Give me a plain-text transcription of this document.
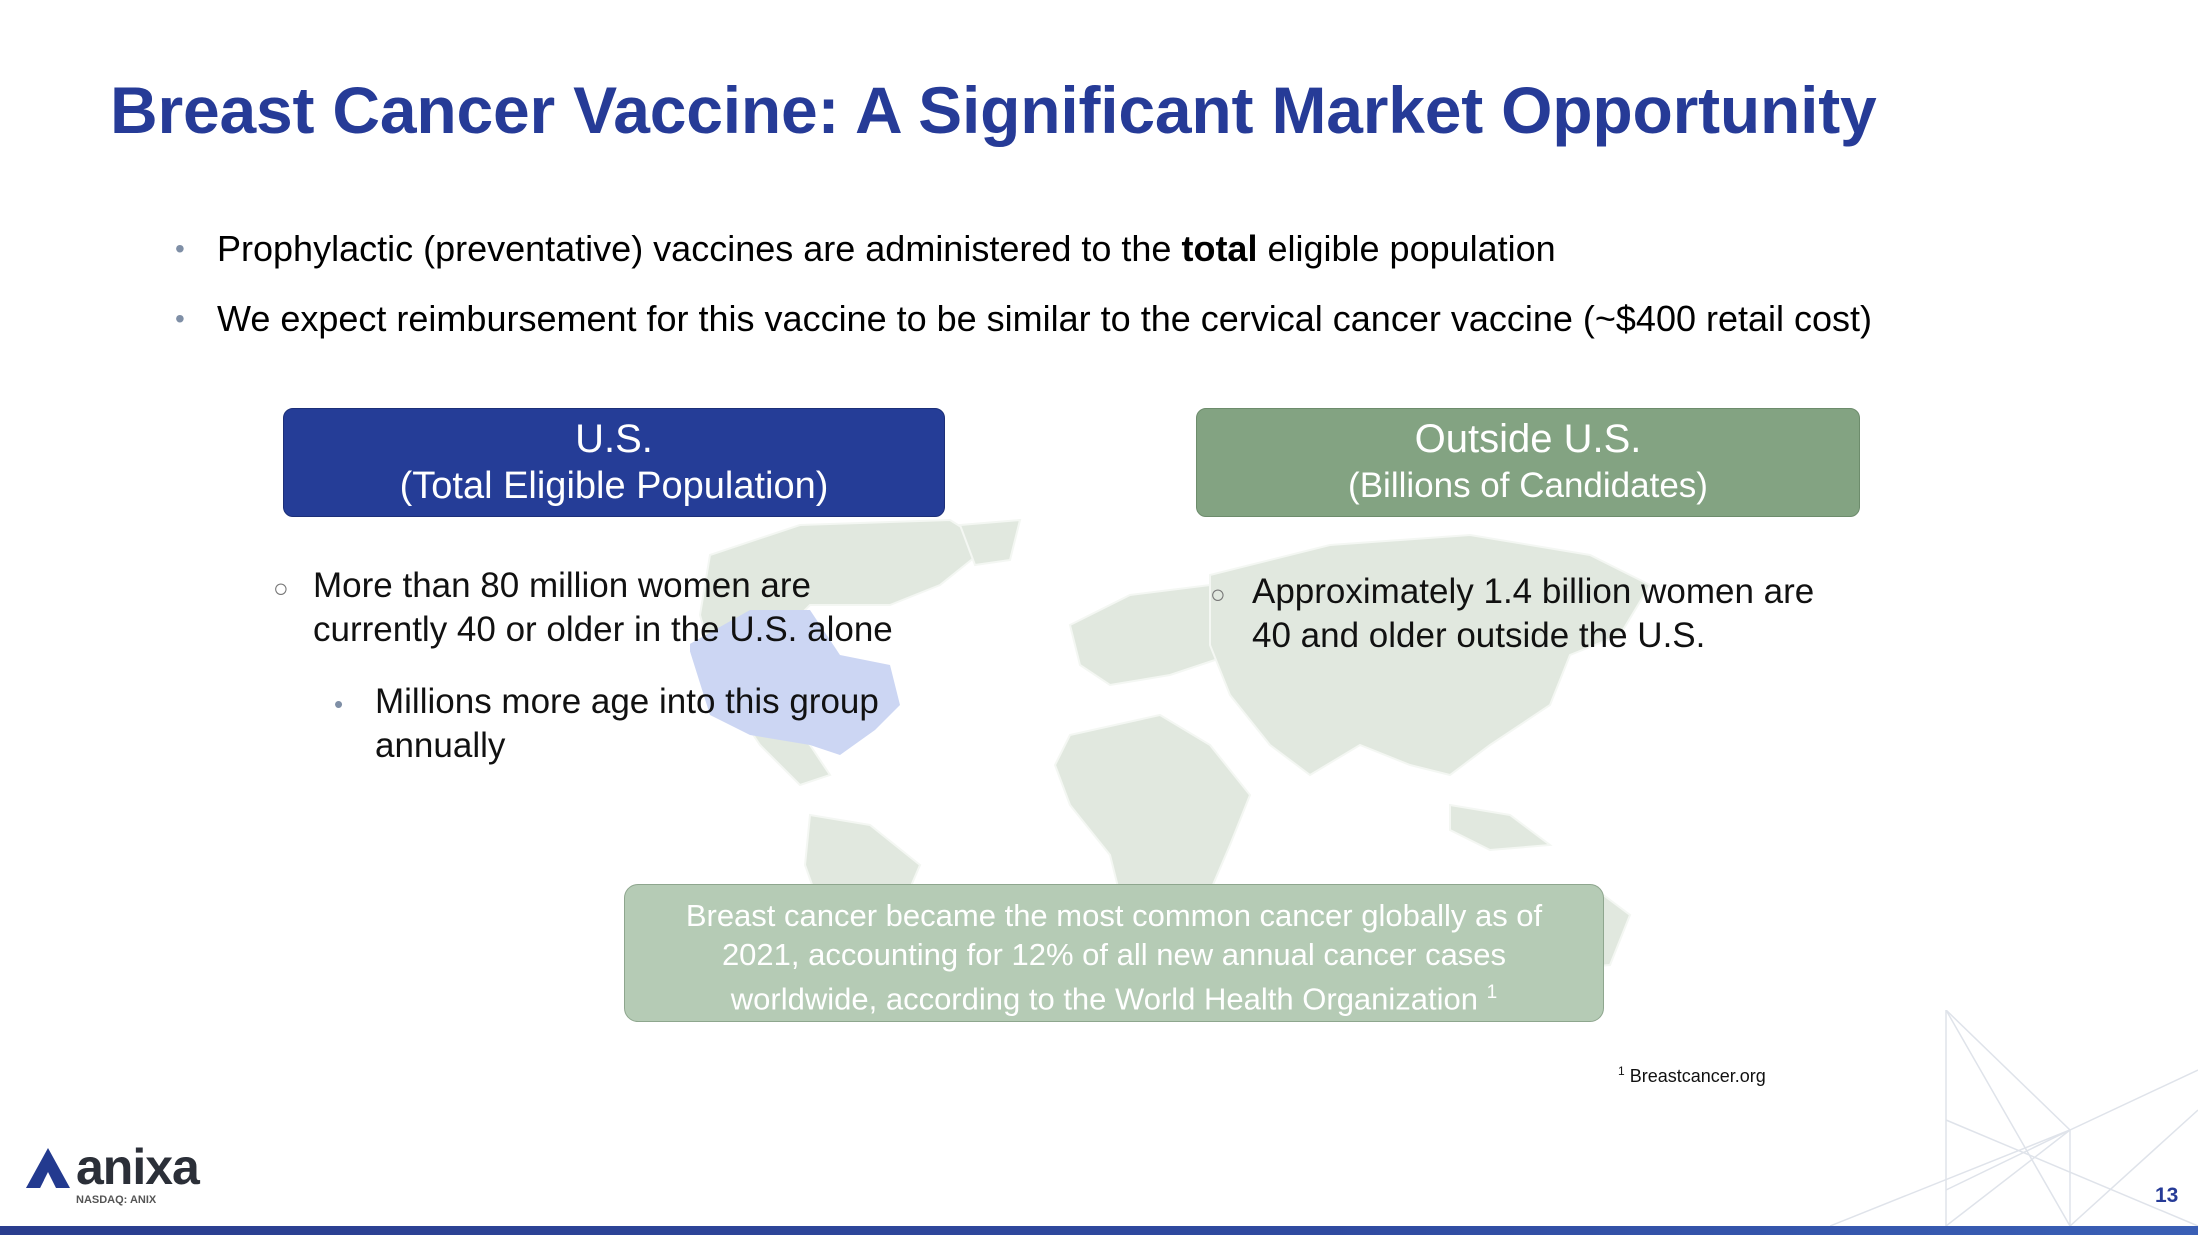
Breast Cancer Vaccine: A Significant Market Opportunity
• Prophylactic (preventative) vaccines are administered to the total eligible population
• We expect reimbursement for this vaccine to be similar to the cervical cancer vaccine (~$400 retail cost)
U.S.
(Total Eligible Population)
Outside U.S.
(Billions of Candidates)
○ More than 80 million women are
currently 40 or older in the U.S. alone
• Millions more age into this group
annually
○ Approximately 1.4 billion women are
40 and older outside the U.S.
Breast cancer became the most common cancer globally as of
2021, accounting for 12% of all new annual cancer cases
worldwide, according to the World Health Organization $^1$
$^1$ Breastcancer.org
anixa
NASDAQ: ANIX	13
